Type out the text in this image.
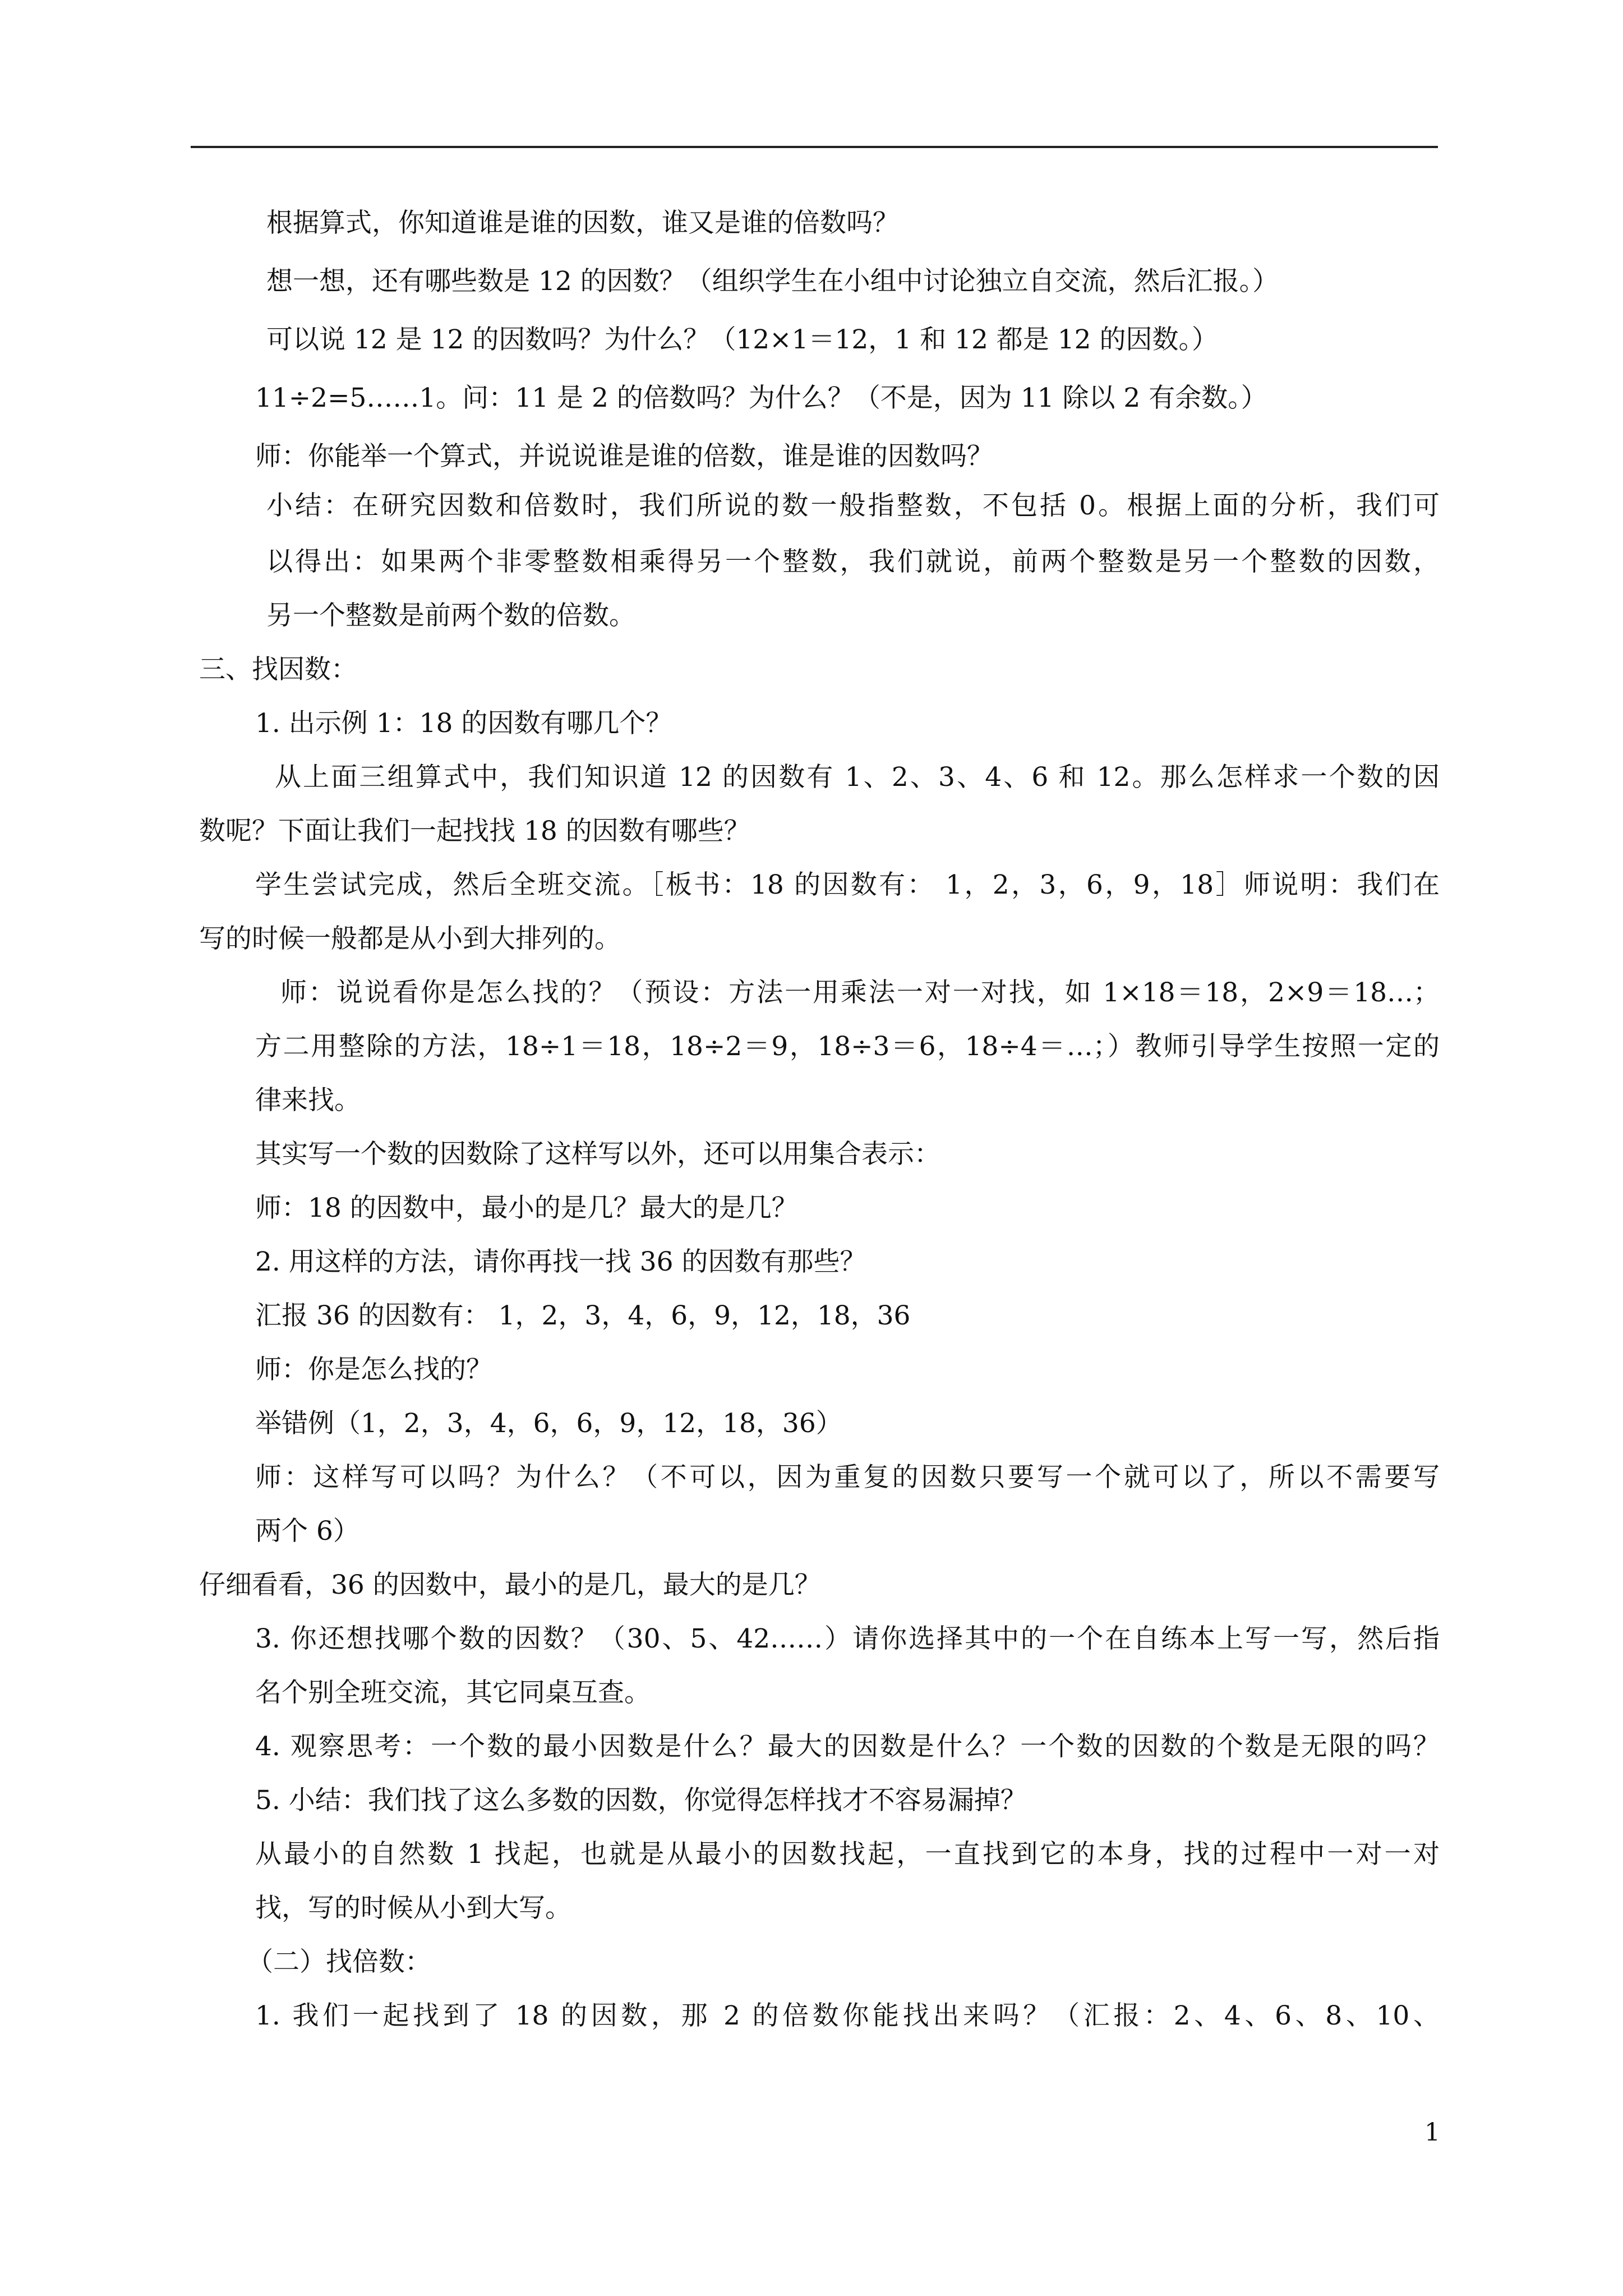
根据算式，你知道谁是谁的因数，谁又是谁的倍数吗？
想一想，还有哪些数是 12 的因数？（组织学生在小组中讨论独立自交流，然后汇报。）
可以说 12 是 12 的因数吗？为什么？（12×1＝12，1 和 12 都是 12 的因数。）
11÷2=5……1。问：11 是 2 的倍数吗？为什么？（不是，因为 11 除以 2 有余数。）
师：你能举一个算式，并说说谁是谁的倍数，谁是谁的因数吗？
小结：在研究因数和倍数时，我们所说的数一般指整数，不包括 0。根据上面的分析，我们可
以得出：如果两个非零整数相乘得另一个整数，我们就说，前两个整数是另一个整数的因数，
另一个整数是前两个数的倍数。
三、找因数：
1. 出示例 1：18 的因数有哪几个？
从上面三组算式中，我们知识道 12 的因数有 1、2、3、4、6 和 12。那么怎样求一个数的因
数呢？下面让我们一起找找 18 的因数有哪些？
学生尝试完成，然后全班交流。［板书：18 的因数有： 1，2，3，6，9，18］师说明：我们在
写的时候一般都是从小到大排列的。
师：说说看你是怎么找的？（预设：方法一用乘法一对一对找，如 1×18＝18，2×9＝18…；
方二用整除的方法，18÷1＝18，18÷2＝9，18÷3＝6，18÷4＝…；）教师引导学生按照一定的
律来找。
其实写一个数的因数除了这样写以外，还可以用集合表示：
师：18 的因数中，最小的是几？最大的是几？
2. 用这样的方法，请你再找一找 36 的因数有那些？
汇报 36 的因数有： 1，2，3，4，6，9，12，18，36
师：你是怎么找的？
举错例（1，2，3，4，6，6，9，12，18，36）
师：这样写可以吗？为什么？（不可以，因为重复的因数只要写一个就可以了，所以不需要写
两个 6）
仔细看看，36 的因数中，最小的是几，最大的是几？
3. 你还想找哪个数的因数？（30、5、42……）请你选择其中的一个在自练本上写一写，然后指
名个别全班交流，其它同桌互查。
4. 观察思考：一个数的最小因数是什么？最大的因数是什么？一个数的因数的个数是无限的吗？
5. 小结：我们找了这么多数的因数，你觉得怎样找才不容易漏掉？
从最小的自然数 1 找起，也就是从最小的因数找起，一直找到它的本身，找的过程中一对一对
找，写的时候从小到大写。
（二）找倍数：
1. 我们一起找到了 18 的因数，那 2 的倍数你能找出来吗？（汇报：2、4、6、8、10、
1
